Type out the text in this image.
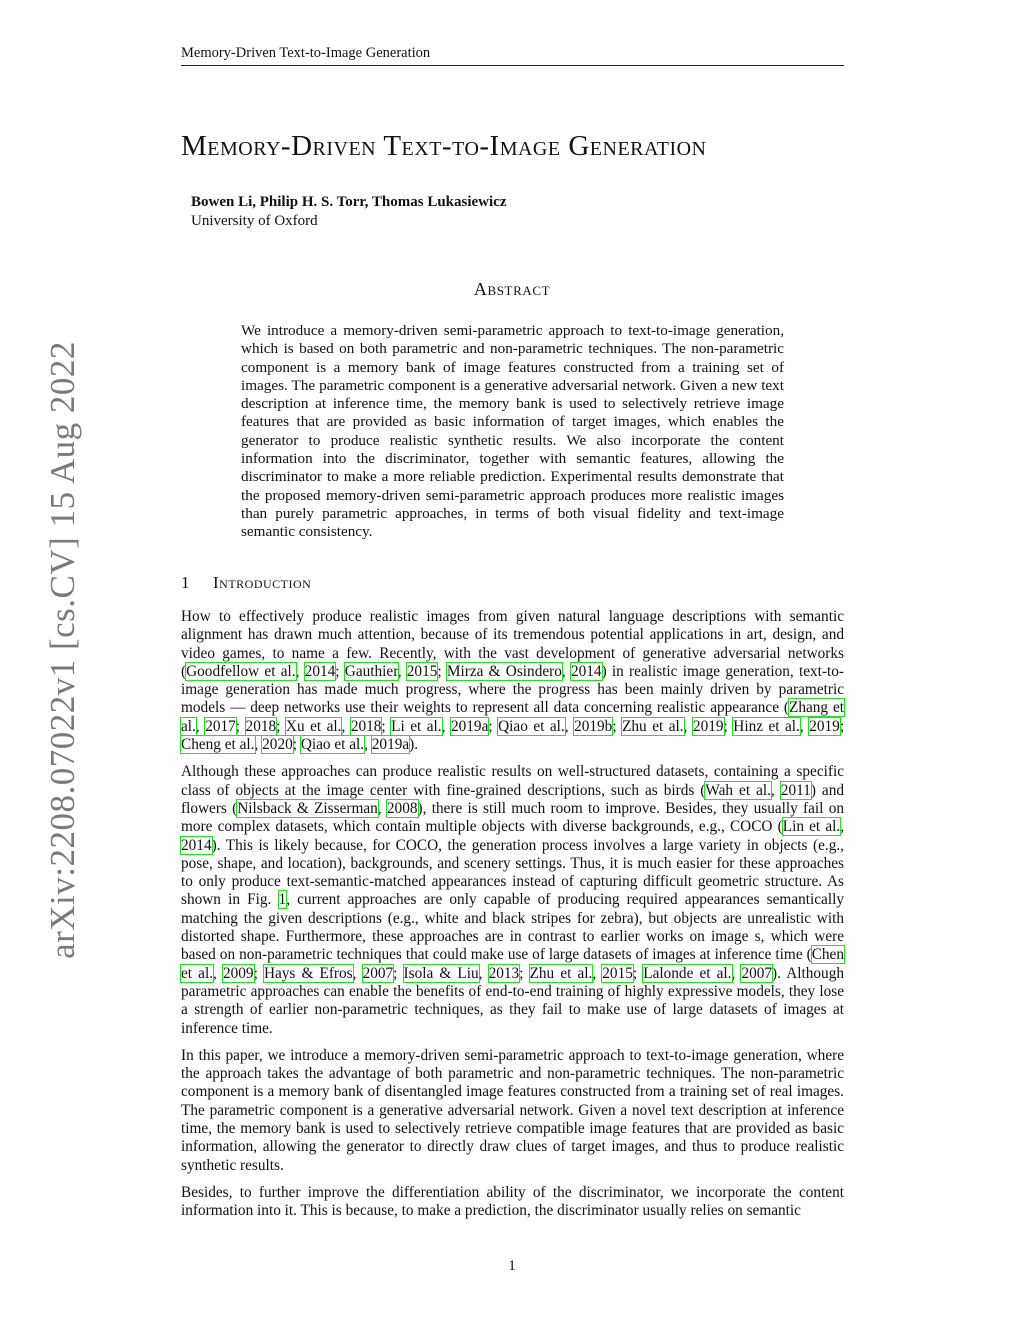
Memory-Driven Text-to-Image Generation
arXiv:2208.07022v1 [cs.CV] 15 Aug 2022
Memory-Driven Text-to-Image Generation
Bowen Li, Philip H. S. Torr, Thomas Lukasiewicz
University of Oxford
Abstract
We introduce a memory-driven semi-parametric approach to text-to-image generation, which is based on both parametric and non-parametric techniques. The non-parametric component is a memory bank of image features constructed from a training set of images. The parametric component is a generative adversarial network. Given a new text description at inference time, the memory bank is used to selectively retrieve image features that are provided as basic information of target images, which enables the generator to produce realistic synthetic results. We also incorporate the content information into the discriminator, together with semantic features, allowing the discriminator to make a more reliable prediction. Experimental results demonstrate that the proposed memory-driven semi-parametric approach produces more realistic images than purely parametric approaches, in terms of both visual fidelity and text-image semantic consistency.
1 Introduction

How to effectively produce realistic images from given natural language descriptions with semantic alignment has drawn much attention, because of its tremendous potential applications in art, design, and video games, to name a few. Recently, with the vast development of generative adversarial networks (Goodfellow et al., 2014; Gauthier, 2015; Mirza & Osindero, 2014) in realistic image generation, text-to-image generation has made much progress, where the progress has been mainly driven by parametric models — deep networks use their weights to represent all data concerning realistic appearance (Zhang et al., 2017; 2018; Xu et al., 2018; Li et al., 2019a; Qiao et al., 2019b; Zhu et al., 2019; Hinz et al., 2019; Cheng et al., 2020; Qiao et al., 2019a).

Although these approaches can produce realistic results on well-structured datasets, containing a specific class of objects at the image center with fine-grained descriptions, such as birds (Wah et al., 2011) and flowers (Nilsback & Zisserman, 2008), there is still much room to improve. Besides, they usually fail on more complex datasets, which contain multiple objects with diverse backgrounds, e.g., COCO (Lin et al., 2014). This is likely because, for COCO, the generation process involves a large variety in objects (e.g., pose, shape, and location), backgrounds, and scenery settings. Thus, it is much easier for these approaches to only produce text-semantic-matched appearances instead of capturing difficult geometric structure. As shown in Fig. 1, current approaches are only capable of producing required appearances semantically matching the given descriptions (e.g., white and black stripes for zebra), but objects are unrealistic with distorted shape. Furthermore, these approaches are in contrast to earlier works on image s, which were based on non-parametric techniques that could make use of large datasets of images at inference time (Chen et al., 2009; Hays & Efros, 2007; Isola & Liu, 2013; Zhu et al., 2015; Lalonde et al., 2007). Although parametric approaches can enable the benefits of end-to-end training of highly expressive models, they lose a strength of earlier non-parametric techniques, as they fail to make use of large datasets of images at inference time.

In this paper, we introduce a memory-driven semi-parametric approach to text-to-image generation, where the approach takes the advantage of both parametric and non-parametric techniques. The non-parametric component is a memory bank of disentangled image features constructed from a training set of real images. The parametric component is a generative adversarial network. Given a novel text description at inference time, the memory bank is used to selectively retrieve compatible image features that are provided as basic information, allowing the generator to directly draw clues of target images, and thus to produce realistic synthetic results.

Besides, to further improve the differentiation ability of the discriminator, we incorporate the content information into it. This is because, to make a prediction, the discriminator usually relies on semantic

1
